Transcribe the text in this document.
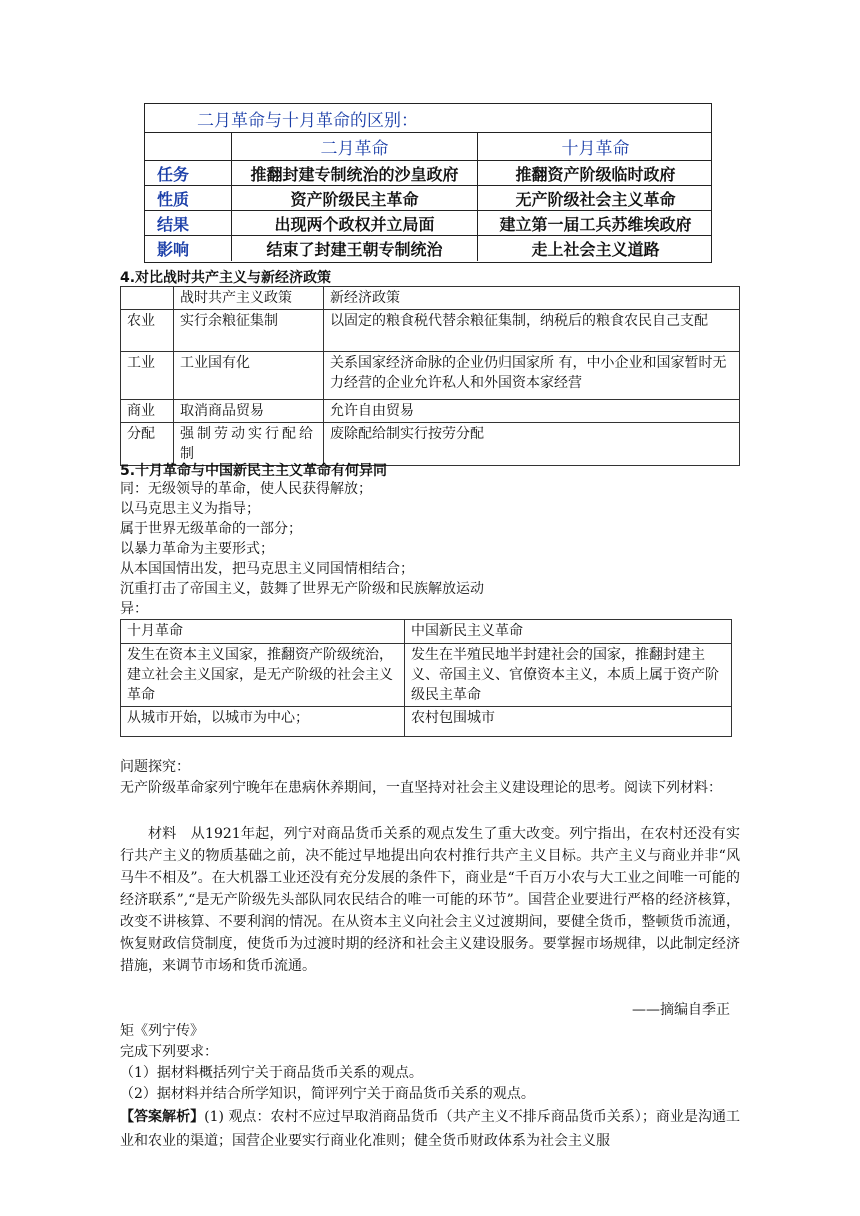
二月革命与十月革命的区别：
二月革命	十月革命
任务	推翻封建专制统治的沙皇政府	推翻资产阶级临时政府
性质	资产阶级民主革命	无产阶级社会主义革命
结果	出现两个政权并立局面	建立第一届工兵苏维埃政府
影响	结束了封建王朝专制统治	走上社会主义道路
4.对比战时共产主义与新经济政策
	战时共产主义政策	新经济政策
农业	实行余粮征集制	以固定的粮食税代替余粮征集制，纳税后的粮食农民自己支配
工业	工业国有化	关系国家经济命脉的企业仍归国家所 有，中小企业和国家暂时无力经营的企业允许私人和外国资本家经营
商业	取消商品贸易	允许自由贸易
分配	强制劳动实行配给制	废除配给制实行按劳分配
5.十月革命与中国新民主主义革命有何异同
同：无级领导的革命，使人民获得解放；
以马克思主义为指导；
属于世界无级革命的一部分；
以暴力革命为主要形式；
从本国国情出发，把马克思主义同国情相结合；
沉重打击了帝国主义，鼓舞了世界无产阶级和民族解放运动
异：
十月革命	中国新民主义革命
发生在资本主义国家，推翻资产阶级统治，建立社会主义国家，是无产阶级的社会主义革命	发生在半殖民地半封建社会的国家，推翻封建主义、帝国主义、官僚资本主义，本质上属于资产阶级民主革命
从城市开始，以城市为中心；	农村包围城市
问题探究：
无产阶级革命家列宁晚年在患病休养期间，一直坚持对社会主义建设理论的思考。阅读下列材料：
材料　从1921年起，列宁对商品货币关系的观点发生了重大改变。列宁指出，在农村还没有实行共产主义的物质基础之前，决不能过早地提出向农村推行共产主义目标。共产主义与商业并非“风马牛不相及”。在大机器工业还没有充分发展的条件下，商业是“千百万小农与大工业之间唯一可能的经济联系”,“是无产阶级先头部队同农民结合的唯一可能的环节”。国营企业要进行严格的经济核算，改变不讲核算、不要利润的情况。在从资本主义向社会主义过渡期间，要健全货币，整顿货币流通，恢复财政信贷制度，使货币为过渡时期的经济和社会主义建设服务。要掌握市场规律，以此制定经济措施，来调节市场和货币流通。
——摘编自季正
矩《列宁传》
完成下列要求：
（1）据材料概括列宁关于商品货币关系的观点。
（2）据材料并结合所学知识，简评列宁关于商品货币关系的观点。
【答案解析】(1) 观点：农村不应过早取消商品货币（共产主义不排斥商品货币关系）；商业是沟通工业和农业的渠道；国营企业要实行商业化准则；健全货币财政体系为社会主义服
